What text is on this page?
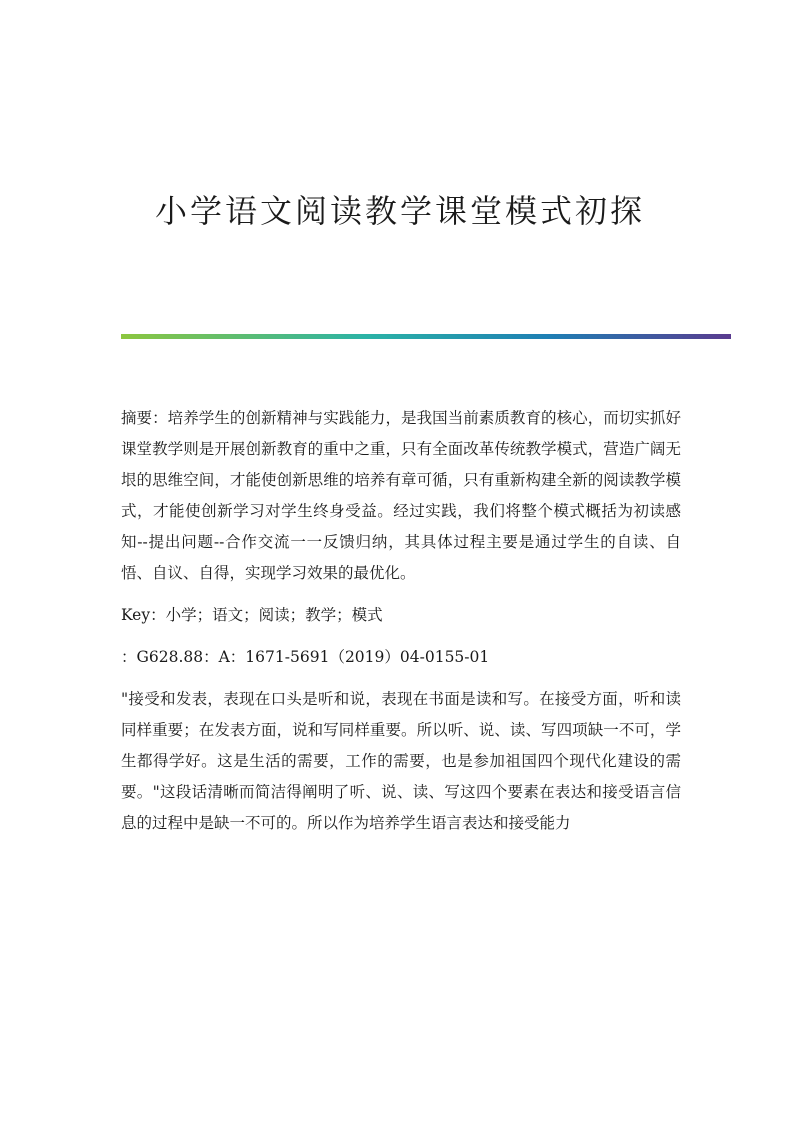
小学语文阅读教学课堂模式初探

摘要：培养学生的创新精神与实践能力，是我国当前素质教育的核心，而切实抓好课堂教学则是开展创新教育的重中之重，只有全面改革传统教学模式，营造广阔无垠的思维空间，才能使创新思维的培养有章可循，只有重新构建全新的阅读教学模式，才能使创新学习对学生终身受益。经过实践，我们将整个模式概括为初读感知--提出问题--合作交流一一反馈归纳，其具体过程主要是通过学生的自读、自悟、自议、自得，实现学习效果的最优化。

Key：小学；语文；阅读；教学；模式

：G628.88：A：1671-5691（2019）04-0155-01

"接受和发表，表现在口头是听和说，表现在书面是读和写。在接受方面，听和读同样重要；在发表方面，说和写同样重要。所以听、说、读、写四项缺一不可，学生都得学好。这是生活的需要，工作的需要，也是参加祖国四个现代化建设的需要。"这段话清晰而简洁得阐明了听、说、读、写这四个要素在表达和接受语言信息的过程中是缺一不可的。所以作为培养学生语言表达和接受能力
